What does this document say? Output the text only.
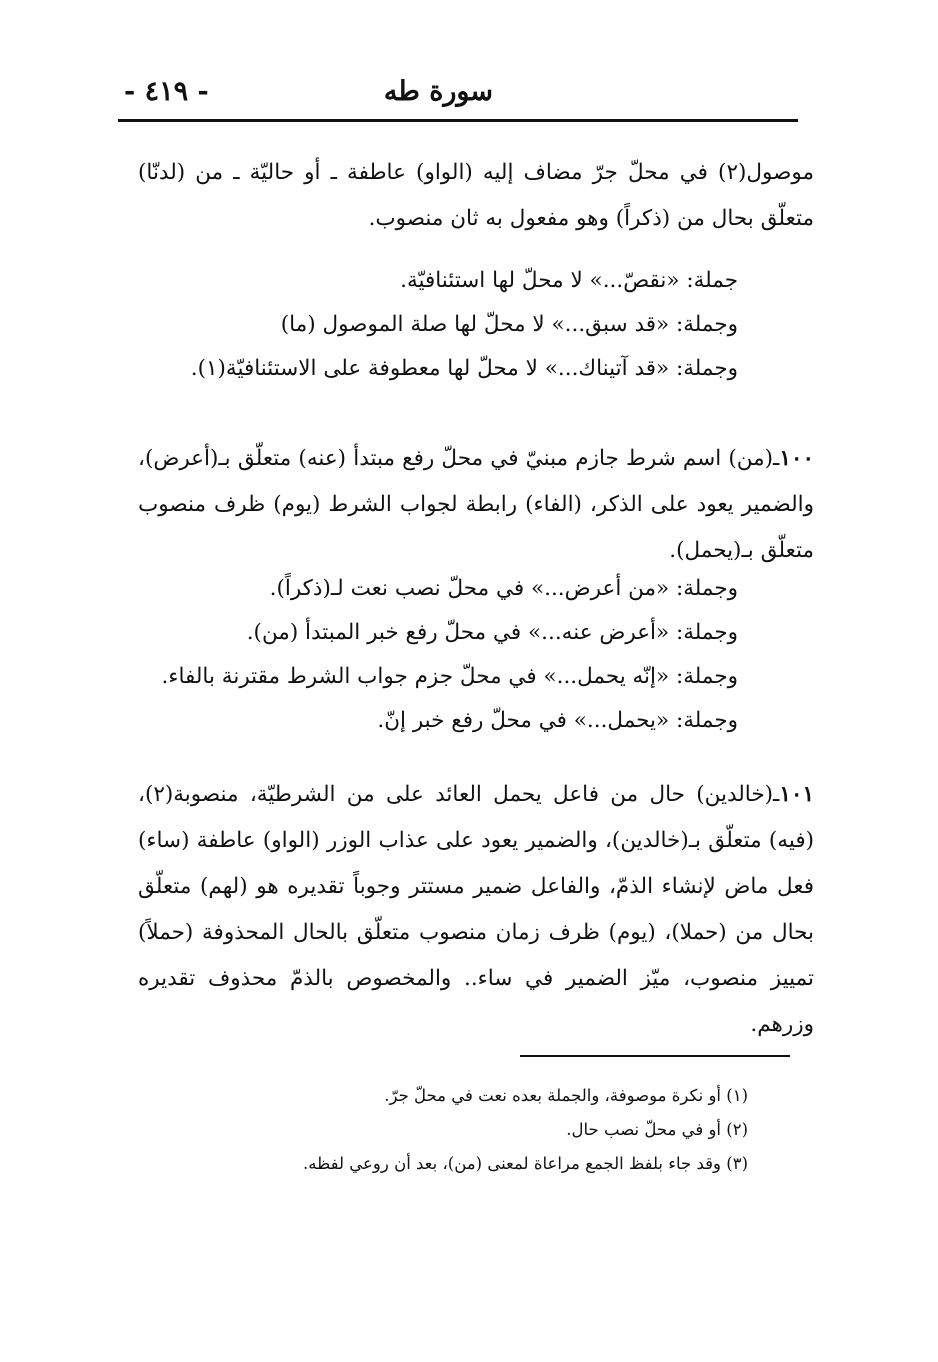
سورة طه
- ٤١٩ -
موصول(٢) في محلّ جرّ مضاف إليه (الواو) عاطفة ـ أو حاليّة ـ من (لدنّا) متعلّق بحال من (ذكراً) وهو مفعول به ثان منصوب.
جملة: «نقصّ...» لا محلّ لها استئنافيّة.
وجملة: «قد سبق...» لا محلّ لها صلة الموصول (ما)
وجملة: «قد آتيناك...» لا محلّ لها معطوفة على الاستئنافيّة(١).
١٠٠ـ(من) اسم شرط جازم مبنيّ في محلّ رفع مبتدأ (عنه) متعلّق بـ(أعرض)، والضمير يعود على الذكر، (الفاء) رابطة لجواب الشرط (يوم) ظرف منصوب متعلّق بـ(يحمل).
وجملة: «من أعرض...» في محلّ نصب نعت لـ(ذكراً).
وجملة: «أعرض عنه...» في محلّ رفع خبر المبتدأ (من).
وجملة: «إنّه يحمل...» في محلّ جزم جواب الشرط مقترنة بالفاء.
وجملة: «يحمل...» في محلّ رفع خبر إنّ.
١٠١ـ(خالدين) حال من فاعل يحمل العائد على من الشرطيّة، منصوبة(٢)، (فيه) متعلّق بـ(خالدين)، والضمير يعود على عذاب الوزر (الواو) عاطفة (ساء) فعل ماض لإنشاء الذمّ، والفاعل ضمير مستتر وجوباً تقديره هو (لهم) متعلّق بحال من (حملا)، (يوم) ظرف زمان منصوب متعلّق بالحال المحذوفة (حملاً) تمييز منصوب، ميّز الضمير في ساء.. والمخصوص بالذمّ محذوف تقديره وزرهم.
(١) أو نكرة موصوفة، والجملة بعده نعت في محلّ جرّ.
(٢) أو في محلّ نصب حال.
(٣) وقد جاء بلفظ الجمع مراعاة لمعنى (من)، بعد أن روعي لفظه.
